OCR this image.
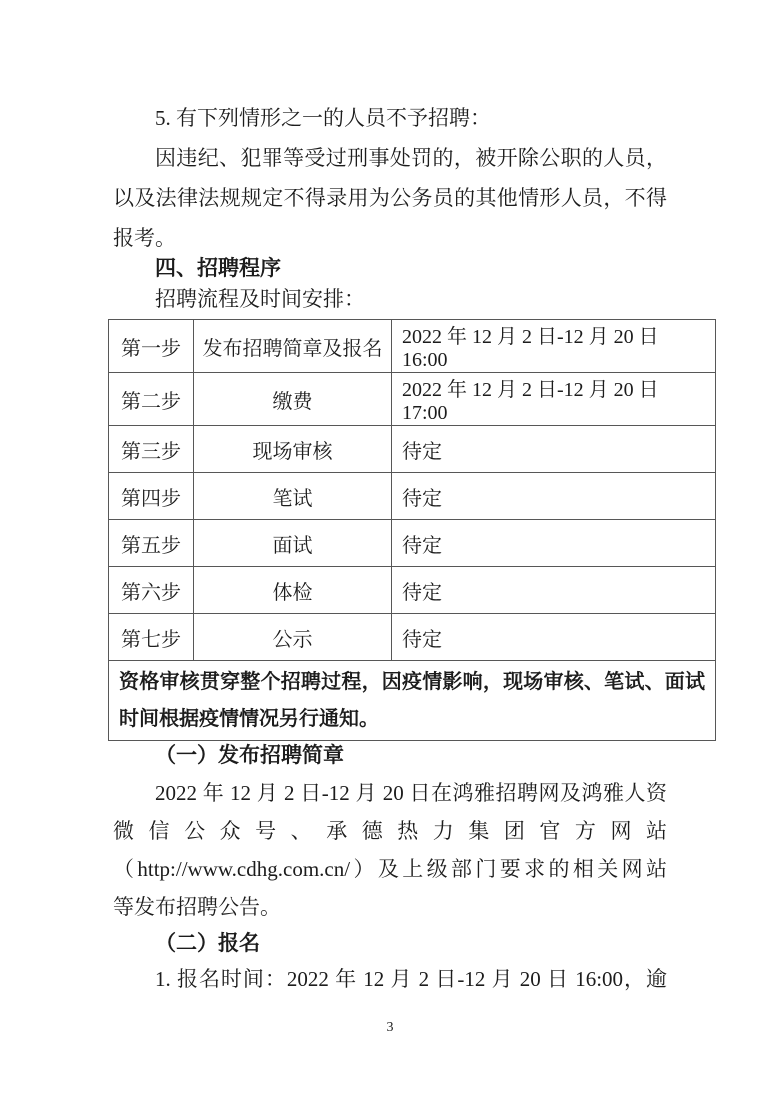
5. 有下列情形之一的人员不予招聘：
因违纪、犯罪等受过刑事处罚的，被开除公职的人员，
以及法律法规规定不得录用为公务员的其他情形人员，不得
报考。
四、招聘程序
招聘流程及时间安排：
第一步	发布招聘简章及报名	2022 年 12 月 2 日-12 月 20 日 16:00
第二步	缴费	2022 年 12 月 2 日-12 月 20 日 17:00
第三步	现场审核	待定
第四步	笔试	待定
第五步	面试	待定
第六步	体检	待定
第七步	公示	待定
资格审核贯穿整个招聘过程，因疫情影响，现场审核、笔试、面试时间根据疫情情况另行通知。		
（一）发布招聘简章
2022 年 12 月 2 日-12 月 20 日在鸿雅招聘网及鸿雅人资
微信公众号、承德热力集团官方网站
（http://www.cdhg.com.cn/）及上级部门要求的相关网站
等发布招聘公告。
（二）报名
1. 报名时间：2022 年 12 月 2 日-12 月 20 日 16:00，逾
3
